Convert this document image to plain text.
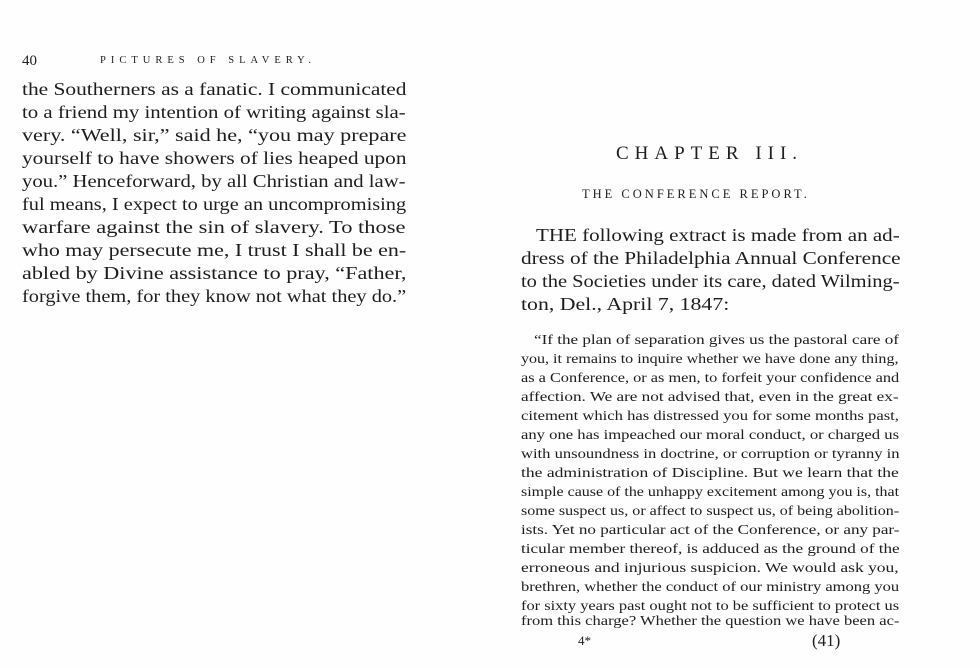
40	PICTURES OF SLAVERY.
the Southerners as a fanatic. I communicated
to a friend my intention of writing against sla-
very. “Well, sir,” said he, “you may prepare
yourself to have showers of lies heaped upon
you.” Henceforward, by all Christian and law-
ful means, I expect to urge an uncompromising
warfare against the sin of slavery. To those
who may persecute me, I trust I shall be en-
abled by Divine assistance to pray, “Father,
forgive them, for they know not what they do.”
CHAPTER III.
THE CONFERENCE REPORT.
THE following extract is made from an ad-
dress of the Philadelphia Annual Conference
to the Societies under its care, dated Wilming-
ton, Del., April 7, 1847:
“If the plan of separation gives us the pastoral care of
you, it remains to inquire whether we have done any thing,
as a Conference, or as men, to forfeit your confidence and
affection. We are not advised that, even in the great ex-
citement which has distressed you for some months past,
any one has impeached our moral conduct, or charged us
with unsoundness in doctrine, or corruption or tyranny in
the administration of Discipline. But we learn that the
simple cause of the unhappy excitement among you is, that
some suspect us, or affect to suspect us, of being abolition-
ists. Yet no particular act of the Conference, or any par-
ticular member thereof, is adduced as the ground of the
erroneous and injurious suspicion. We would ask you,
brethren, whether the conduct of our ministry among you
for sixty years past ought not to be sufficient to protect us
from this charge? Whether the question we have been ac-
4*	(41)
